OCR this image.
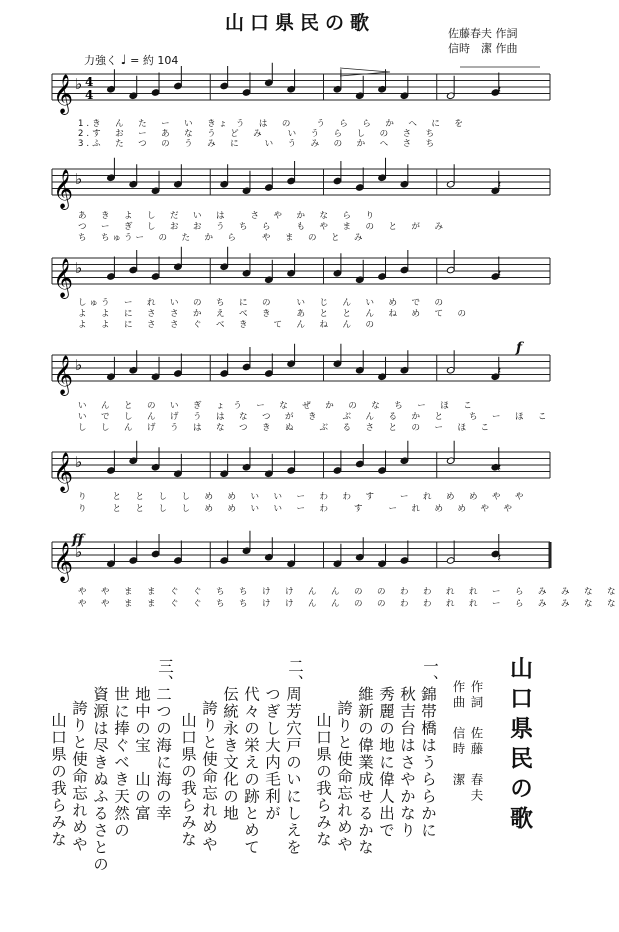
山口県民の歌	佐藤春夫 作詞
信時　潔 作曲
力強く ♩ = 約 104
𝄞 ♭ 4
4	𝄽
𝄞 ♭	𝄽
𝄞 ♭	𝄽
𝄞 ♭	𝄽
𝄞 ♭	𝄽
𝄞 ♭	𝄽
1.き　ん　た　ー　い　きょ う　は　の　　う　ら　ら　か　へ　に　を
2.す　お　ー　あ　な　う　ど　み　　い　う　ら　し　の　さ　ち
3.ふ　た　つ　の　う　み　に　　い　う　み　の　か　へ　さ　ち
あ　き　よ　し　だ　い　は　　さ　や　か　な　ら　り
つ　ー　ぎ　し　お　お　う　ち　ら　　も　や　ま　の　と　が　み
ち　ちゅうー　の　た　か　ら　　や　ま　の　と　み
しゅう　ー　れ　い　の　ち　に　の　　い　じ　ん　い　め　で　の
よ　よ　に　さ　さ　か　え　べ　き　　あ　と　と　ん　ね　め　て　の
よ　よ　に　さ　さ　ぐ　べ　き　　て　ん　ね　ん　の
い　ん　と　の　い　ぎ　ょ う　ー　な　ぜ　か　の　な　ち　ー　ほ　こ
い　で　し　ん　げ　う　は　な　つ　が　き　　ぶ　ん　る　か　と　　ち　ー　ほ　こ
し　し　ん　げ　う　は　な　つ　き　ぬ　　ぶ　る　さ　と　の　ー　ほ　こ
り　　と　と　し　し　め　め　い　い　ー　わ　わ　す　　ー　れ　め　め　や　や
り　　と　と　し　し　め　め　い　い　ー　わ　　す　　ー　れ　め　め　や　や
や　や　ま　ま　ぐ　ぐ　ち　ち　け　け　ん　ん　の　の　わ　わ　れ　れ　ー　ら　み　み　な　な
や　や　ま　ま　ぐ　ぐ　ち　ち　け　け　ん　ん　の　の　わ　わ　れ　れ　ー　ら　み　み　な　な
f
ff
山口県民の歌
作詞　佐藤　春夫
作曲　信時　潔
一、
錦帯橋はうららかに
秋吉台はさやかなり
秀麗の地に偉人出で
維新の偉業成せるかな
誇りと使命忘れめや
山口県の我らみな
二、
周芳穴戸のいにしえを
つぎし大内毛利が
代々の栄えの跡とめて
伝統永き文化の地
誇りと使命忘れめや
山口県の我らみな
三、
二つの海に海の幸
地中の宝　山の富
世に捧ぐべき天然の
資源は尽きぬふるさとの
誇りと使命忘れめや
山口県の我らみな
